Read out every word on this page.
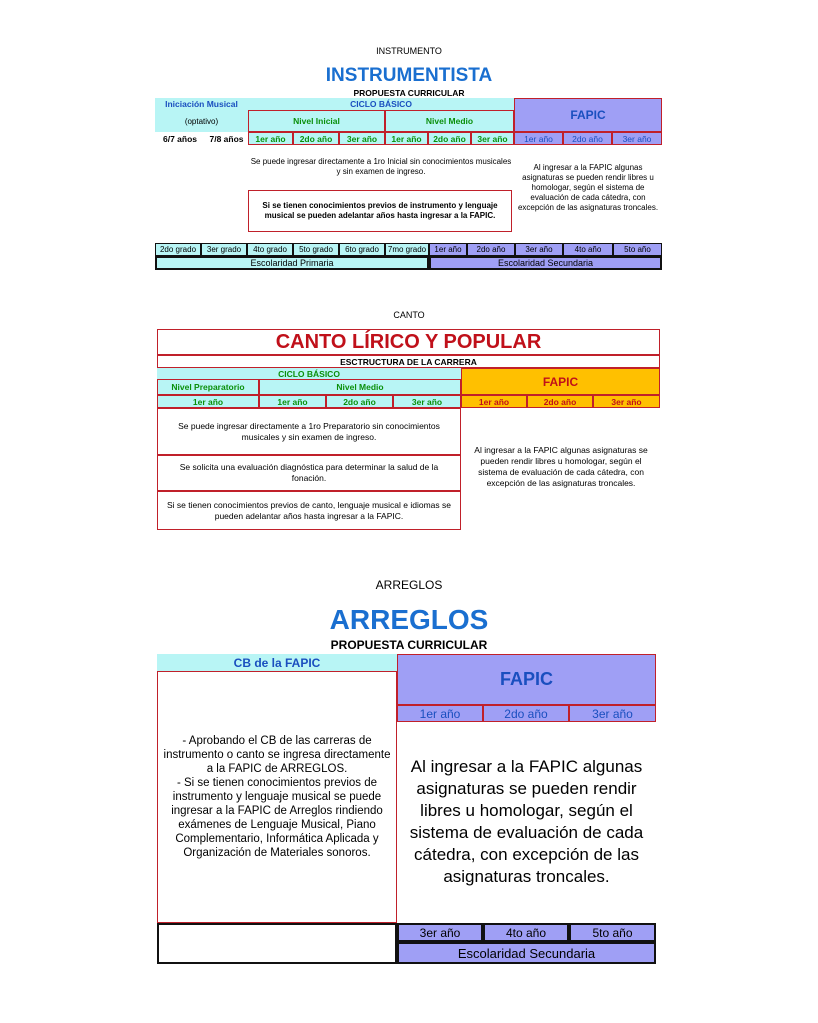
INSTRUMENTO
INSTRUMENTISTA
PROPUESTA CURRICULAR
Iniciación Musical	CICLO BÁSICO
FAPIC
(optativo)	Nivel Inicial	Nivel Medio
6/7 años	7/8 años	1er año	2do año	3er año	1er año	2do año	3er año	1er año	2do año	3er año
Se puede ingresar directamente a 1ro Inicial sin conocimientos musicales y sin examen de ingreso.
Si se tienen conocimientos previos de instrumento y lenguaje musical se pueden adelantar años hasta ingresar a la FAPIC.
Al ingresar a la FAPIC algunas asignaturas se pueden rendir libres u homologar, según el sistema de evaluación de cada cátedra, con excepción de las asignaturas troncales.
2do grado	3er grado	4to grado	5to grado	6to grado	7mo grado	1er año	2do año	3er año	4to año	5to año
Escolaridad Primaria	Escolaridad Secundaria
CANTO
CANTO LÍRICO Y POPULAR
ESCTRUCTURA DE LA CARRERA
CICLO BÁSICO
FAPIC
Nivel Preparatorio	Nivel Medio
1er año	1er año	2do año	3er año	1er año	2do año	3er año
Se puede ingresar directamente a 1ro Preparatorio sin conocimientos musicales y sin examen de ingreso.
Se solicita una evaluación diagnóstica para determinar la salud de la fonación.
Si se tienen conocimientos previos de canto, lenguaje musical e idiomas se pueden adelantar años hasta ingresar a la FAPIC.
Al ingresar a la FAPIC algunas asignaturas se pueden rendir libres u homologar, según el sistema de evaluación de cada cátedra, con excepción de las asignaturas troncales.
ARREGLOS
ARREGLOS
PROPUESTA CURRICULAR
CB de la FAPIC
- Aprobando el CB de las carreras de instrumento o canto se ingresa directamente a la FAPIC de ARREGLOS.
- Si se tienen conocimientos previos de instrumento y lenguaje musical se puede ingresar a la FAPIC de Arreglos rindiendo exámenes de Lenguaje Musical, Piano Complementario, Informática Aplicada y Organización de Materiales sonoros.
FAPIC
1er año	2do año	3er año
Al ingresar a la FAPIC algunas asignaturas se pueden rendir libres u homologar, según el sistema de evaluación de cada cátedra, con excepción de las asignaturas troncales.
3er año	4to año	5to año
Escolaridad Secundaria
